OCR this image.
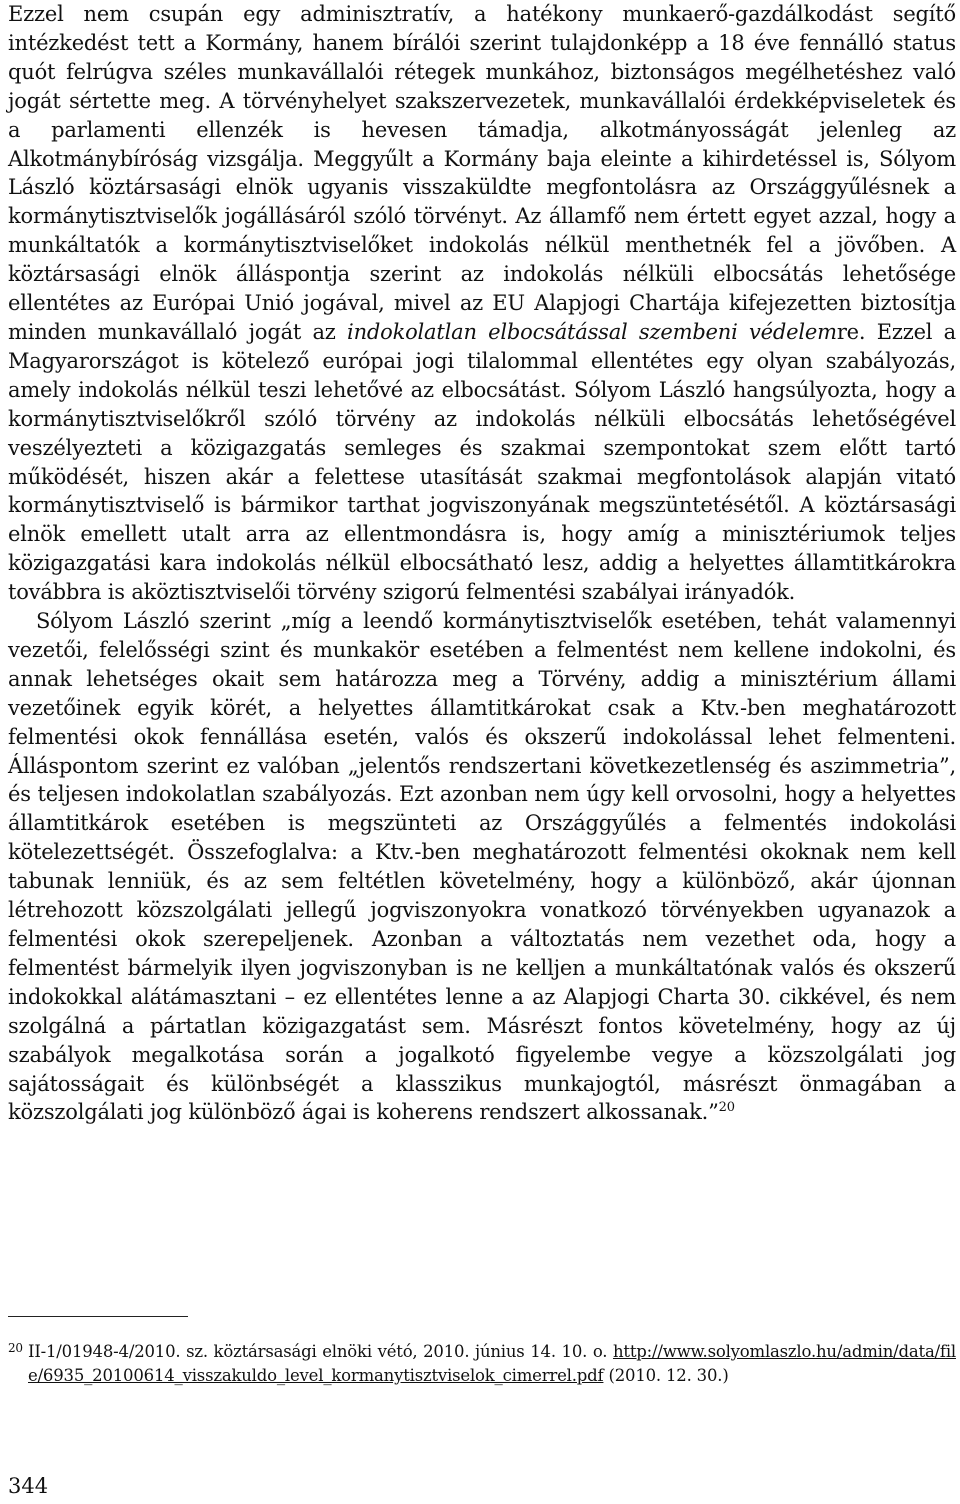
Ezzel nem csupán egy adminisztratív, a hatékony munkaerő-gazdálkodást segítő intézkedést tett a Kormány, hanem bírálói szerint tulajdonképp a 18 éve fennálló status quót felrúgva széles munkavállalói rétegek munkához, biztonságos megélhetéshez való jogát sértette meg. A törvényhelyet szakszervezetek, munkavállalói érdekképviseletek és a parlamenti ellenzék is hevesen támadja, alkotmányosságát jelenleg az Alkotmánybíróság vizsgálja. Meggyűlt a Kormány baja eleinte a kihirdetéssel is, Sólyom László köztársasági elnök ugyanis visszaküldte megfontolásra az Országgyűlésnek a kormánytisztviselők jogállásáról szóló törvényt. Az államfő nem értett egyet azzal, hogy a munkáltatók a kormánytisztviselőket indokolás nélkül menthetnék fel a jövőben. A köztársasági elnök álláspontja szerint az indokolás nélküli elbocsátás lehetősége ellentétes az Európai Unió jogával, mivel az EU Alapjogi Chartája kifejezetten biztosítja minden munkavállaló jogát az indokolatlan elbocsátással szembeni védelemre. Ezzel a Magyarországot is kötelező európai jogi tilalommal ellentétes egy olyan szabályozás, amely indokolás nélkül teszi lehetővé az elbocsátást. Sólyom László hangsúlyozta, hogy a kormánytisztviselőkről szóló törvény az indokolás nélküli elbocsátás lehetőségével veszélyezteti a közigazgatás semleges és szakmai szempontokat szem előtt tartó működését, hiszen akár a felettese utasítását szakmai megfontolások alapján vitató kormánytisztviselő is bármikor tarthat jogviszonyának megszüntetésétől. A köztársasági elnök emellett utalt arra az ellentmondásra is, hogy amíg a minisztériumok teljes közigazgatási kara indokolás nélkül elbocsátható lesz, addig a helyettes államtitkárokra továbbra is aköztisztviselői törvény szigorú felmentési szabályai irányadók.

Sólyom László szerint „míg a leendő kormánytisztviselők esetében, tehát valamennyi vezetői, felelősségi szint és munkakör esetében a felmentést nem kellene indokolni, és annak lehetséges okait sem határozza meg a Törvény, addig a minisztérium állami vezetőinek egyik körét, a helyettes államtitkárokat csak a Ktv.-ben meghatározott felmentési okok fennállása esetén, valós és okszerű indokolással lehet felmenteni. Álláspontom szerint ez valóban „jelentős rendszertani következetlenség és aszimmetria”, és teljesen indokolatlan szabályozás. Ezt azonban nem úgy kell orvosolni, hogy a helyettes államtitkárok esetében is megszünteti az Országgyűlés a felmentés indokolási kötelezettségét. Összefoglalva: a Ktv.-ben meghatározott felmentési okoknak nem kell tabunak lenniük, és az sem feltétlen követelmény, hogy a különböző, akár újonnan létrehozott közszolgálati jellegű jogviszonyokra vonatkozó törvényekben ugyanazok a felmentési okok szerepeljenek. Azonban a változtatás nem vezethet oda, hogy a felmentést bármelyik ilyen jogviszonyban is ne kelljen a munkáltatónak valós és okszerű indokokkal alátámasztani – ez ellentétes lenne a az Alapjogi Charta 30. cikkével, és nem szolgálná a pártatlan közigazgatást sem. Másrészt fontos követelmény, hogy az új szabályok megalkotása során a jogalkotó figyelembe vegye a közszolgálati jog sajátosságait és különbségét a klasszikus munkajogtól, másrészt önmagában a közszolgálati jog különböző ágai is koherens rendszert alkossanak.”$^{20}$

20 II-1/01948-4/2010. sz. köztársasági elnöki vétó, 2010. június 14. 10. o. http://www.solyomlaszlo.hu/admin/data/file/6935_20100614_visszakuldo_level_kormanytisztviselok_cimerrel.pdf (2010. 12. 30.)
344
